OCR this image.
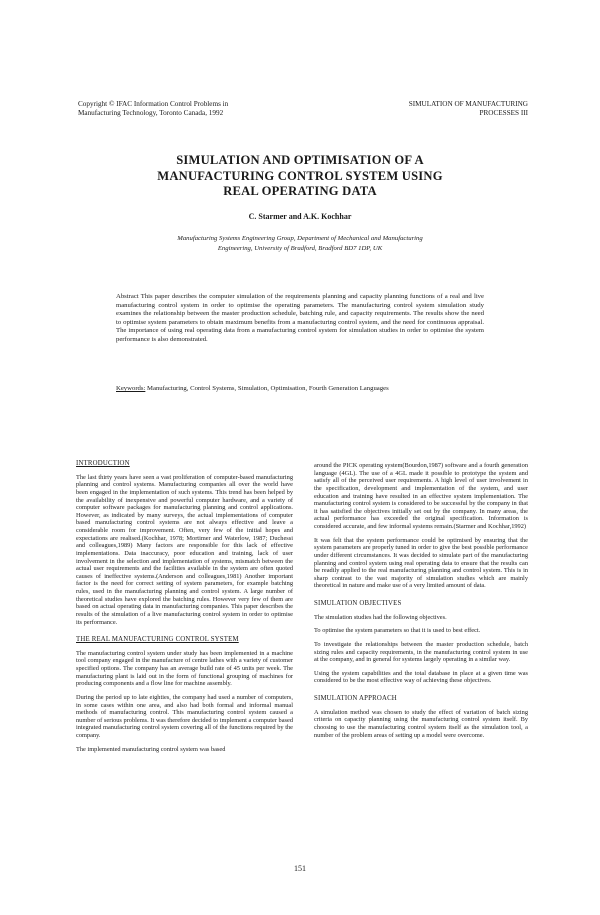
Copyright © IFAC Information Control Problems in
Manufacturing Technology, Toronto Canada, 1992
SIMULATION OF MANUFACTURING
PROCESSES III
SIMULATION AND OPTIMISATION OF A
MANUFACTURING CONTROL SYSTEM USING
REAL OPERATING DATA
C. Starmer and A.K. Kochhar
Manufacturing Systems Engineering Group, Department of Mechanical and Manufacturing
Engineering, University of Bradford, Bradford BD7 1DP, UK
Abstract This paper describes the computer simulation of the requirements planning and capacity planning functions of a real and live manufacturing control system in order to optimise the operating parameters. The manufacturing control system simulation study examines the relationship between the master production schedule, batching rule, and capacity requirements. The results show the need to optimise system parameters to obtain maximum benefits from a manufacturing control system, and the need for continuous appraisal. The importance of using real operating data from a manufacturing control system for simulation studies in order to optimise the system performance is also demonstrated.
Keywords: Manufacturing, Control Systems, Simulation, Optimisation, Fourth Generation Languages
INTRODUCTION

The last thirty years have seen a vast proliferation of computer-based manufacturing planning and control systems. Manufacturing companies all over the world have been engaged in the implementation of such systems. This trend has been helped by the availability of inexpensive and powerful computer hardware, and a variety of computer software packages for manufacturing planning and control applications. However, as indicated by many surveys, the actual implementations of computer based manufacturing control systems are not always effective and leave a considerable room for improvement. Often, very few of the initial hopes and expectations are realised.(Kochhar, 1978; Mortimer and Waterlow, 1987; Duchessi and colleagues,1989) Many factors are responsible for this lack of effective implementations. Data inaccuracy, poor education and training, lack of user involvement in the selection and implementation of systems, mismatch between the actual user requirements and the facilities available in the system are often quoted causes of ineffective systems.(Anderson and colleagues,1981) Another important factor is the need for correct setting of system parameters, for example batching rules, used in the manufacturing planning and control system. A large number of theoretical studies have explored the batching rules. However very few of them are based on actual operating data in manufacturing companies. This paper describes the results of the simulation of a live manufacturing control system in order to optimise its performance.

THE REAL MANUFACTURING CONTROL SYSTEM

The manufacturing control system under study has been implemented in a machine tool company engaged in the manufacture of centre lathes with a variety of customer specified options. The company has an average build rate of 45 units per week. The manufacturing plant is laid out in the form of functional grouping of machines for producing components and a flow line for machine assembly.

During the period up to late eighties, the company had used a number of computers, in some cases within one area, and also had both formal and informal manual methods of manufacturing control. This manufacturing control system caused a number of serious problems. It was therefore decided to implement a computer based integrated manufacturing control system covering all of the functions required by the company.

The implemented manufacturing control system was based

around the PICK operating system(Bourdon,1987) software and a fourth generation language (4GL). The use of a 4GL made it possible to prototype the system and satisfy all of the perceived user requirements. A high level of user involvement in the specification, development and implementation of the system, and user education and training have resulted in an effective system implementation. The manufacturing control system is considered to be successful by the company in that it has satisfied the objectives initially set out by the company. In many areas, the actual performance has exceeded the original specification. Information is considered accurate, and few informal systems remain.(Starmer and Kochhar,1992)

It was felt that the system performance could be optimised by ensuring that the system parameters are properly tuned in order to give the best possible performance under different circumstances. It was decided to simulate part of the manufacturing planning and control system using real operating data to ensure that the results can be readily applied to the real manufacturing planning and control system. This is in sharp contrast to the vast majority of simulation studies which are mainly theoretical in nature and make use of a very limited amount of data.

SIMULATION OBJECTIVES

The simulation studies had the following objectives.

To optimise the system parameters so that it is used to best effect.

To investigate the relationships between the master production schedule, batch sizing rules and capacity requirements, in the manufacturing control system in use at the company, and in general for systems largely operating in a similar way.

Using the system capabilities and the total database in place at a given time was considered to be the most effective way of achieving these objectives.

SIMULATION APPROACH

A simulation method was chosen to study the effect of variation of batch sizing criteria on capacity planning using the manufacturing control system itself. By choosing to use the manufacturing control system itself as the simulation tool, a number of the problem areas of setting up a model were overcome.

151
